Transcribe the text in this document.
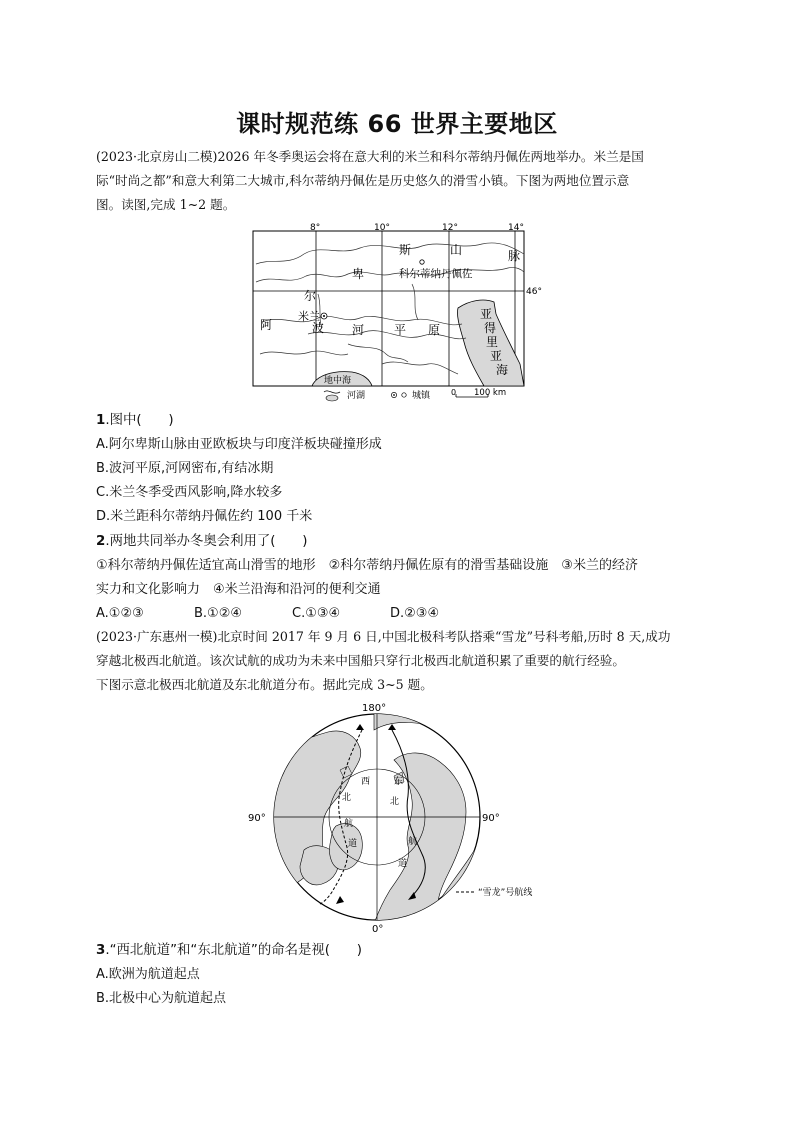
课时规范练 66 世界主要地区
(2023·北京房山二模)2026 年冬季奥运会将在意大利的米兰和科尔蒂纳丹佩佐两地举办。米兰是国
际“时尚之都”和意大利第二大城市,科尔蒂纳丹佩佐是历史悠久的滑雪小镇。下图为两地位置示意
图。读图,完成 1~2 题。
8°	10°	12°	14°
46°
阿
尔
卑
斯	山	脉
科尔蒂纳丹佩佐
米兰
波 河 平 原
亚
得
里
亚
海
地中海
河湖	城镇	0 100 km
1.图中(　　)
A.阿尔卑斯山脉由亚欧板块与印度洋板块碰撞形成
B.波河平原,河网密布,有结冰期
C.米兰冬季受西风影响,降水较多
D.米兰距科尔蒂纳丹佩佐约 100 千米
2.两地共同举办冬奥会利用了(　　)
①科尔蒂纳丹佩佐适宜高山滑雪的地形　②科尔蒂纳丹佩佐原有的滑雪基础设施　③米兰的经济
实力和文化影响力　④米兰沿海和沿河的便利交通
A.①②③	B.①②④	C.①③④	D.②③④
(2023·广东惠州一模)北京时间 2017 年 9 月 6 日,中国北极科考队搭乘“雪龙”号科考船,历时 8 天,成功
穿越北极西北航道。该次试航的成功为未来中国船只穿行北极西北航道积累了重要的航行经验。
下图示意北极西北航道及东北航道分布。据此完成 3~5 题。
180°
0°
90°	90°
西
北
航
道
东
北
航
道
“雪龙”号航线
3.“西北航道”和“东北航道”的命名是视(　　)
A.欧洲为航道起点
B.北极中心为航道起点
